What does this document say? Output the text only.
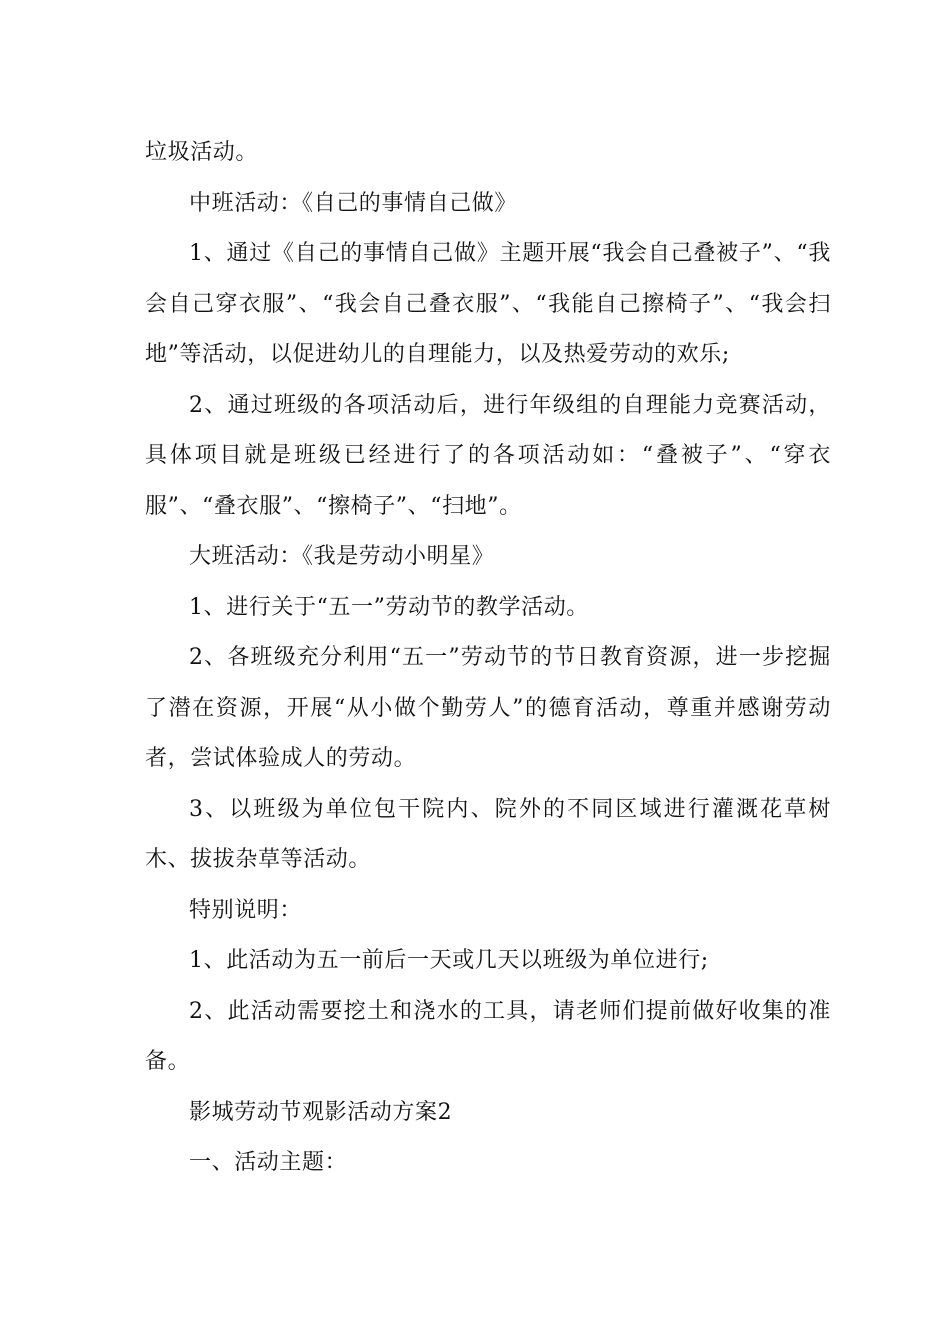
垃圾活动。

中班活动：《自己的事情自己做》

1、通过《自己的事情自己做》主题开展“我会自己叠被子”、“我会自己穿衣服”、“我会自己叠衣服”、“我能自己擦椅子”、“我会扫地”等活动，以促进幼儿的自理能力，以及热爱劳动的欢乐;

2、通过班级的各项活动后，进行年级组的自理能力竞赛活动，具体项目就是班级已经进行了的各项活动如：“叠被子”、“穿衣服”、“叠衣服”、“擦椅子”、“扫地”。

大班活动：《我是劳动小明星》

1、进行关于“五一”劳动节的教学活动。

2、各班级充分利用“五一”劳动节的节日教育资源，进一步挖掘了潜在资源，开展“从小做个勤劳人”的德育活动，尊重并感谢劳动者，尝试体验成人的劳动。

3、以班级为单位包干院内、院外的不同区域进行灌溉花草树木、拔拔杂草等活动。

特别说明：

1、此活动为五一前后一天或几天以班级为单位进行;

2、此活动需要挖土和浇水的工具，请老师们提前做好收集的准备。

影城劳动节观影活动方案2

一、活动主题：
